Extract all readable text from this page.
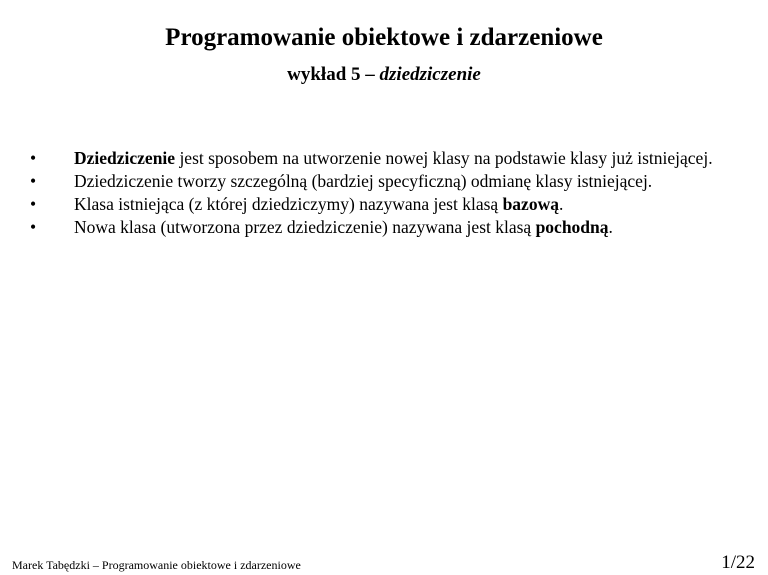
Programowanie obiektowe i zdarzeniowe
wykład 5 – dziedziczenie
•	Dziedziczenie jest sposobem na utworzenie nowej klasy na podstawie klasy już istniejącej.
•	Dziedziczenie tworzy szczególną (bardziej specyficzną) odmianę klasy istniejącej.
•	Klasa istniejąca (z której dziedziczymy) nazywana jest klasą bazową.
•	Nowa klasa (utworzona przez dziedziczenie) nazywana jest klasą pochodną.
Marek Tabędzki – Programowanie obiektowe i zdarzeniowe	1/22
